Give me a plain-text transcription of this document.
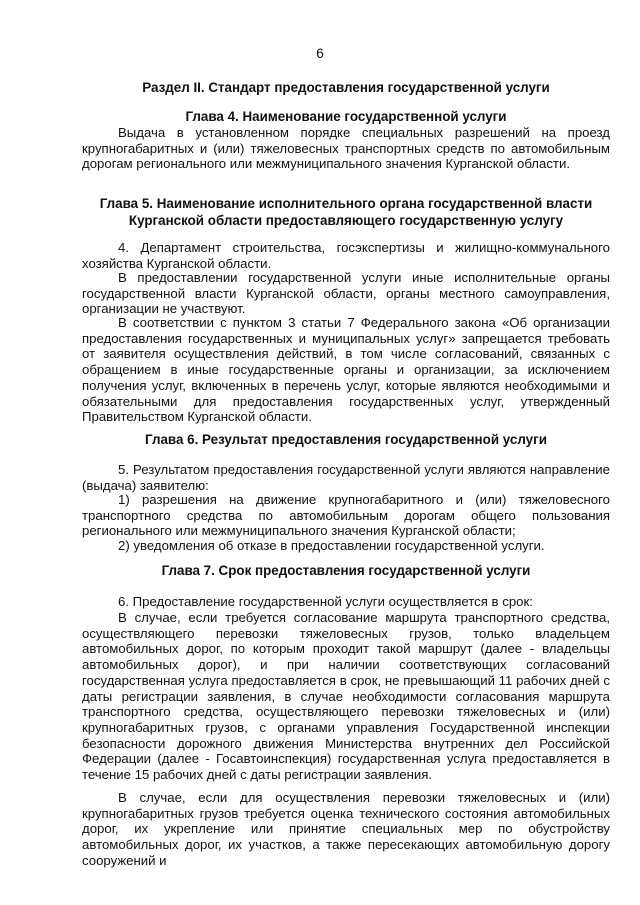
6
Раздел II. Стандарт предоставления государственной услуги
Глава 4. Наименование государственной услуги

Выдача в установленном порядке специальных разрешений на проезд крупногабаритных и (или) тяжеловесных транспортных средств по автомобильным дорогам регионального или межмуниципального значения Курганской области.

Глава 5. Наименование исполнительного органа государственной власти
Курганской области предоставляющего государственную услугу

4. Департамент строительства, госэкспертизы и жилищно-коммунального хозяйства Курганской области.

В предоставлении государственной услуги иные исполнительные органы государственной власти Курганской области, органы местного самоуправления, организации не участвуют.

В соответствии с пунктом 3 статьи 7 Федерального закона «Об организации предоставления государственных и муниципальных услуг» запрещается требовать от заявителя осуществления действий, в том числе согласований, связанных с обращением в иные государственные органы и организации, за исключением получения услуг, включенных в перечень услуг, которые являются необходимыми и обязательными для предоставления государственных услуг, утвержденный Правительством Курганской области.

Глава 6. Результат предоставления государственной услуги

5. Результатом предоставления государственной услуги являются направление (выдача) заявителю:

1) разрешения на движение крупногабаритного и (или) тяжеловесного транспортного средства по автомобильным дорогам общего пользования регионального или межмуниципального значения Курганской области;

2) уведомления об отказе в предоставлении государственной услуги.

Глава 7. Срок предоставления государственной услуги

6. Предоставление государственной услуги осуществляется в срок:

В случае, если требуется согласование маршрута транспортного средства, осуществляющего перевозки тяжеловесных грузов, только владельцем автомобильных дорог, по которым проходит такой маршрут (далее - владельцы автомобильных дорог), и при наличии соответствующих согласований государственная услуга предоставляется в срок, не превышающий 11 рабочих дней с даты регистрации заявления, в случае необходимости согласования маршрута транспортного средства, осуществляющего перевозки тяжеловесных и (или) крупногабаритных грузов, с органами управления Государственной инспекции безопасности дорожного движения Министерства внутренних дел Российской Федерации (далее - Госавтоинспекция) государственная услуга предоставляется в течение 15 рабочих дней с даты регистрации заявления.

В случае, если для осуществления перевозки тяжеловесных и (или) крупногабаритных грузов требуется оценка технического состояния автомобильных дорог, их укрепление или принятие специальных мер по обустройству автомобильных дорог, их участков, а также пересекающих автомобильную дорогу сооружений и
